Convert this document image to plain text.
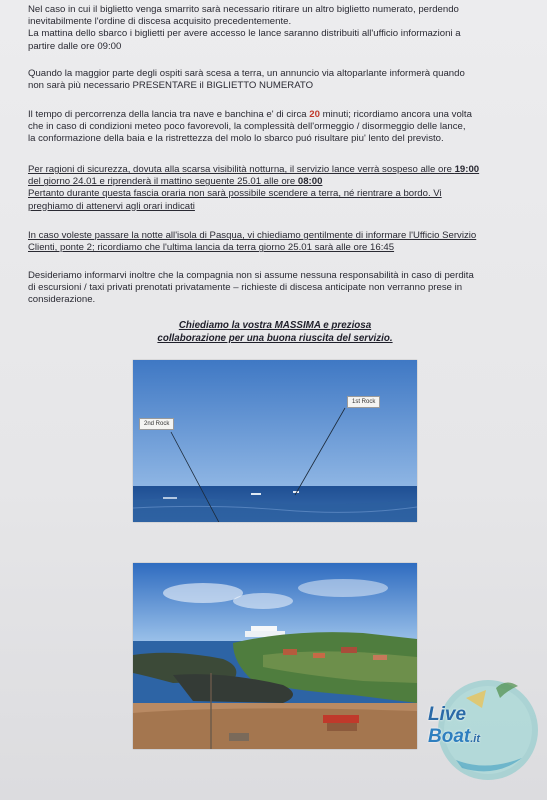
Nel caso in cui il biglietto venga smarrito sarà necessario ritirare un altro biglietto numerato, perdendo
inevitabilmente l'ordine di discesa acquisito precedentemente.
La mattina dello sbarco i biglietti per avere accesso le lance saranno distribuiti all'ufficio informazioni a
partire dalle ore 09:00
Quando la maggior parte degli ospiti sarà scesa a terra, un annuncio via altoparlante informerà quando
non sarà più necessario PRESENTARE il BIGLIETTO NUMERATO
Il tempo di percorrenza della lancia tra nave e banchina e' di circa 20 minuti; ricordiamo ancora una volta
che in caso di condizioni meteo poco favorevoli, la complessità dell'ormeggio / disormeggio delle lance,
la conformazione della baia e la ristrettezza del molo lo sbarco puó risultare piu' lento del previsto.
Per ragioni di sicurezza, dovuta alla scarsa visibilità notturna, il servizio lance verrà sospeso alle ore 19:00
del giorno 24.01 e riprenderà il mattino seguente 25.01 alle ore 08:00
Pertanto durante questa fascia oraria non sarà possibile scendere a terra, né rientrare a bordo. Vi
preghiamo di attenervi agli orari indicati
In caso voleste passare la notte all'isola di Pasqua, vi chiediamo gentilmente di informare l'Ufficio Servizio
Clienti, ponte 2; ricordiamo che l'ultima lancia da terra giorno 25.01 sarà alle ore 16:45
Desideriamo informarvi inoltre che la compagnia non si assume nessuna responsabilità in caso di perdita
di escursioni / taxi privati prenotati privatamente – richieste di discesa anticipate non verranno prese in
considerazione.
Chiediamo la vostra MASSIMA e preziosa
collaborazione per una buona riuscita del servizio.
2nd Rock
1st Rock
Live
Boat.it
